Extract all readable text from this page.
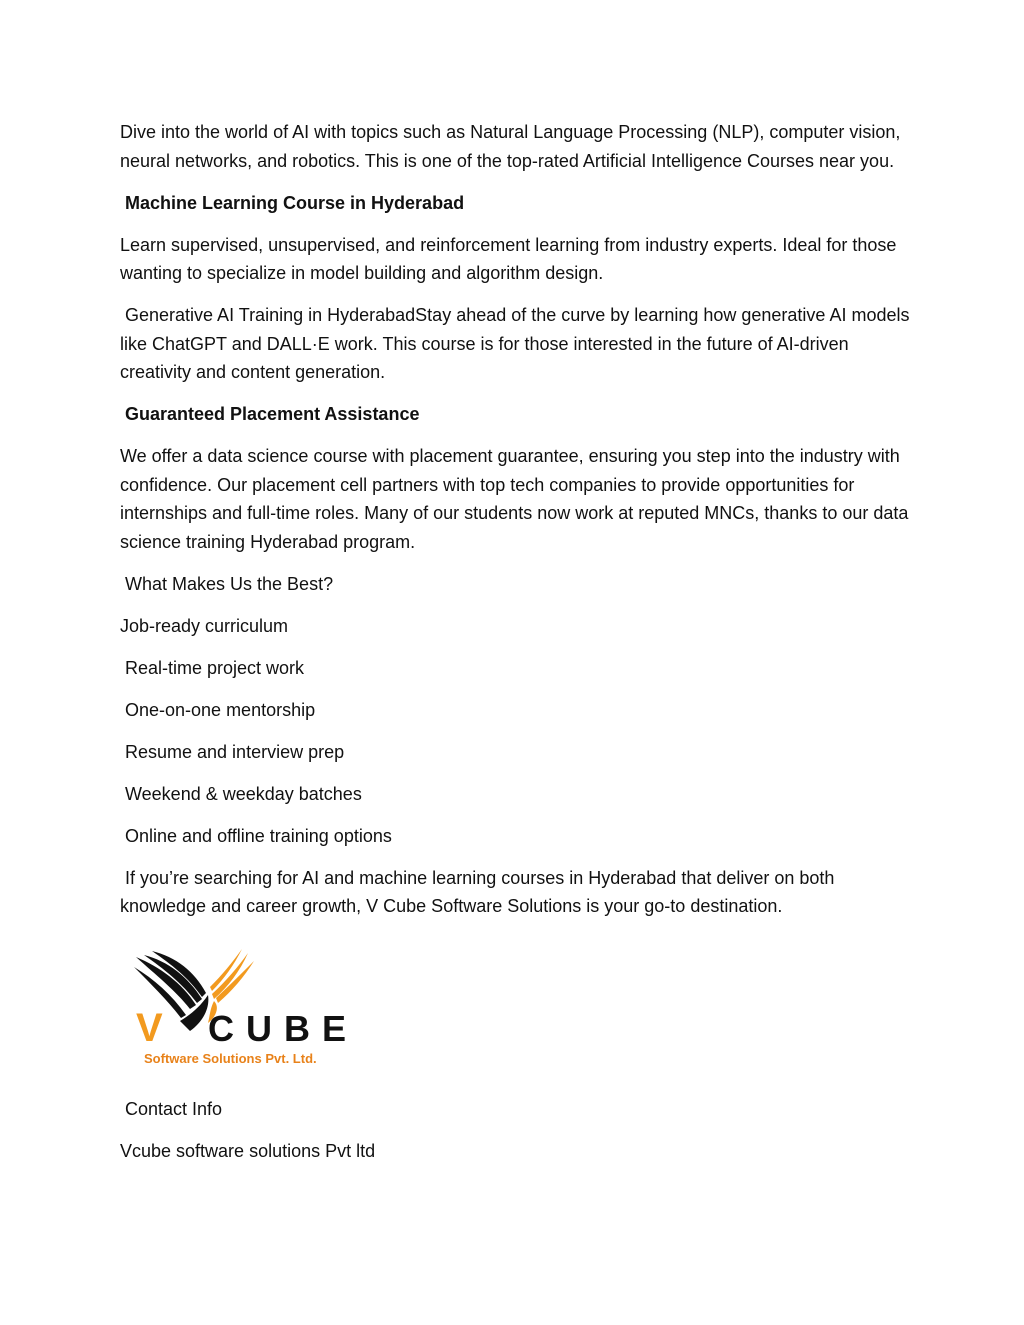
Dive into the world of AI with topics such as Natural Language Processing (NLP), computer vision, neural networks, and robotics. This is one of the top-rated Artificial Intelligence Courses near you.

Machine Learning Course in Hyderabad

Learn supervised, unsupervised, and reinforcement learning from industry experts. Ideal for those wanting to specialize in model building and algorithm design.

Generative AI Training in HyderabadStay ahead of the curve by learning how generative AI models like ChatGPT and DALL·E work. This course is for those interested in the future of AI-driven creativity and content generation.

Guaranteed Placement Assistance

We offer a data science course with placement guarantee, ensuring you step into the industry with confidence. Our placement cell partners with top tech companies to provide opportunities for internships and full-time roles. Many of our students now work at reputed MNCs, thanks to our data science training Hyderabad program.

What Makes Us the Best?

Job-ready curriculum

Real-time project work

One-on-one mentorship

Resume and interview prep

Weekend & weekday batches

Online and offline training options

If you’re searching for AI and machine learning courses in Hyderabad that deliver on both knowledge and career growth, V Cube Software Solutions is your go-to destination.

V CUBE
Software Solutions Pvt. Ltd.

Contact Info

Vcube software solutions Pvt ltd
